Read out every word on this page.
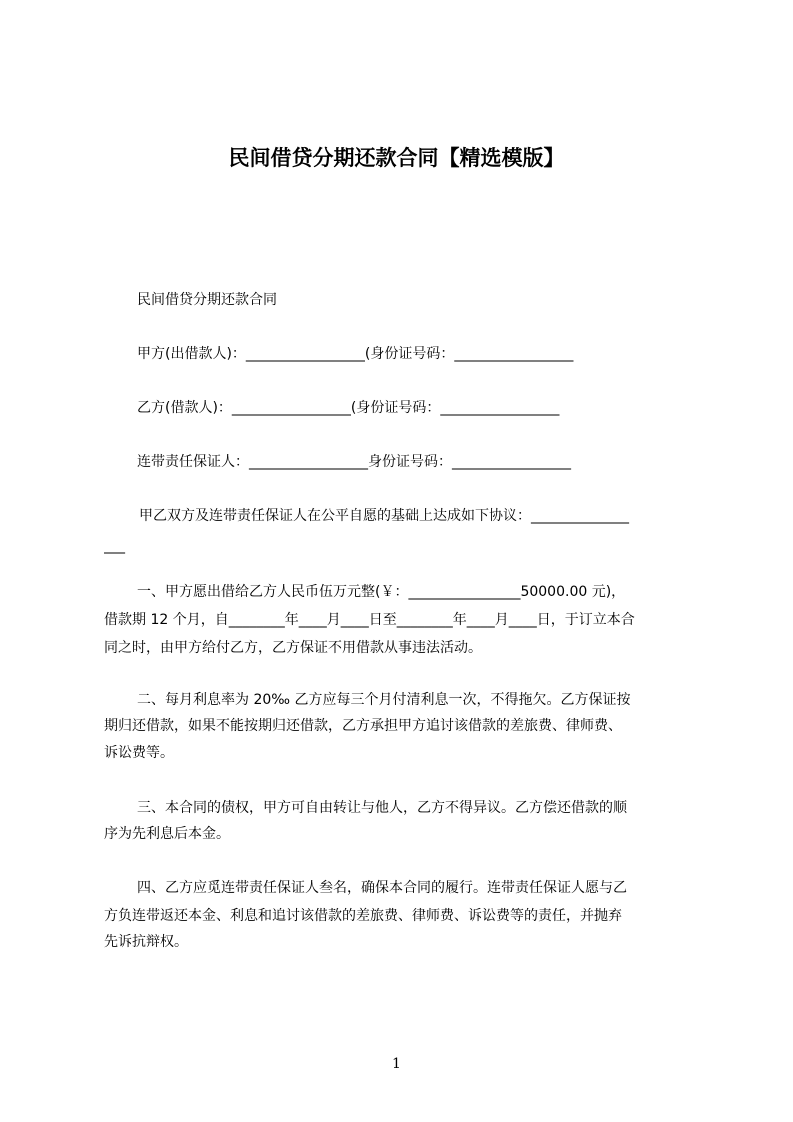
民间借贷分期还款合同【精选模版】
民间借贷分期还款合同
甲方(出借款人)：_________________(身份证号码：_________________
乙方(借款人)：_________________(身份证号码：_________________
连带责任保证人：_________________身份证号码：_________________
甲乙双方及连带责任保证人在公平自愿的基础上达成如下协议：______________
___
一、甲方愿出借给乙方人民币伍万元整(￥：________________50000.00 元)，
借款期 12 个月，自________年____月____日至________年____月____日，于订立本合
同之时，由甲方给付乙方，乙方保证不用借款从事违法活动。
二、每月利息率为 20‰ 乙方应每三个月付清利息一次，不得拖欠。乙方保证按
期归还借款，如果不能按期归还借款，乙方承担甲方追讨该借款的差旅费、律师费、
诉讼费等。
三、本合同的债权，甲方可自由转让与他人，乙方不得异议。乙方偿还借款的顺
序为先利息后本金。
四、乙方应觅连带责任保证人叁名，确保本合同的履行。连带责任保证人愿与乙
方负连带返还本金、利息和追讨该借款的差旅费、律师费、诉讼费等的责任，并抛弃
先诉抗辩权。
1
